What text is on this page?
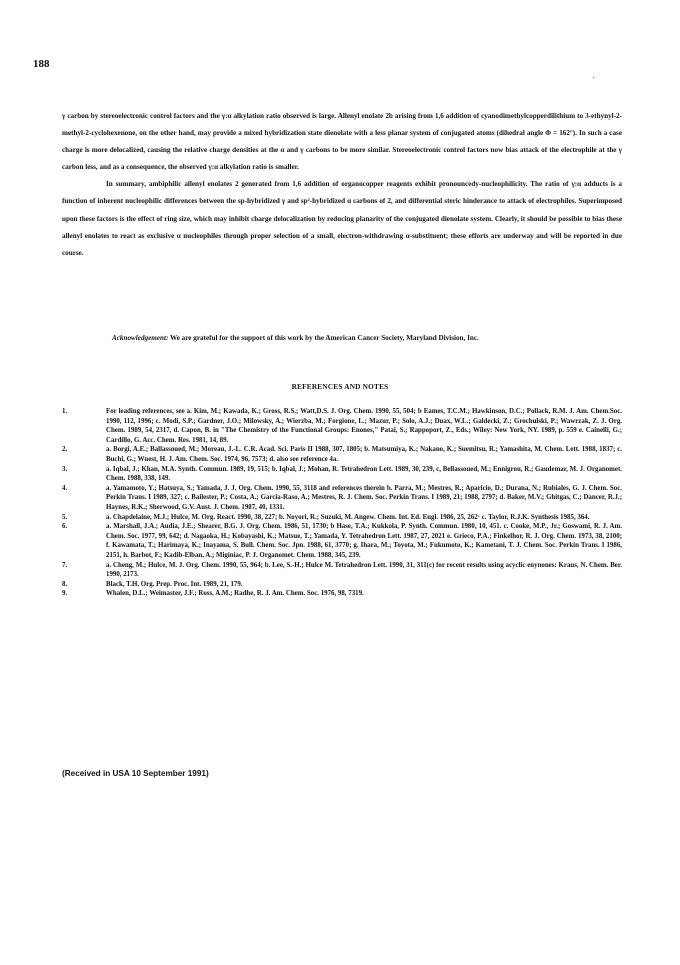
188
·

γ carbon by stereoelectronic control factors and the γ:α alkylation ratio observed is large. Allenyl enolate 2b arising from 1,6 addition of cyanodimethylcopperdilithium to 3-ethynyl-2-methyl-2-cyclohexenone, on the other hand, may provide a mixed hybridization state dienolate with a less planar system of conjugated atoms (dihedral angle Φ = 162°). In such a case charge is more delocalized, causing the relative charge densities at the α and γ carbons to be more similar. Stereoelectronic control factors now bias attack of the electrophile at the γ carbon less, and as a consequence, the observed γ:α alkylation ratio is smaller.

In summary, ambiphilic allenyl enolates 2 generated from 1,6 addition of organocopper reagents exhibit pronouncedy-nucleophilicity. The ratio of γ:α adducts is a function of inherent nucleophilic differences between the sp-hybridized γ and sp²-hybridized α carbons of 2, and differential steric hinderance to attack of electrophiles. Superimposed upon these factors is the effect of ring size, which may inhibit charge delocalization by reducing planarity of the conjugated dienolate system. Clearly, it should be possible to bias these allenyl enolates to react as exclusive α nucleophiles through proper selection of a small, electron-withdrawing α-substituent; these efforts are underway and will be reported in due course.

Acknowledgement: We are grateful for the support of this work by the American Cancer Society, Maryland Division, Inc.

REFERENCES AND NOTES
1.	For leading references, see a. Kim, M.; Kawada, K.; Gross, R.S.; Watt,D.S. J. Org. Chem. 1990, 55, 504; b Eames, T.C.M.; Hawkinson, D.C.; Pollack, R.M. J. Am. Chem.Soc. 1990, 112, 1996; c. Modi, S.P.; Gardner, J.O.; Milowsky, A.; Wierzba, M.; Forgione, L.; Mazur, P.; Solo, A.J.; Duax, W.L.; Galdecki, Z.; Grochulski, P.; Wawrzak, Z. J. Org. Chem. 1989, 54, 2317, d. Capon, B. in "The Chemistry of the Functional Groups: Enones," Patai, S.; Rappoport, Z., Eds.; Wiley: New York, NY. 1989, p. 559 e. Cainelli, G.; Cardillo, G. Acc. Chem. Res. 1981, 14, 89.
2.	a. Borgi, A.E.; Ballassoued, M.; Moreau, J.-L. C.R. Acad. Sci. Paris II 1988, 307, 1805; b. Matsumiya, K.; Nakano, K.; Suemitsu, R.; Yamashita, M. Chem. Lett. 1988, 1837; c. Buchi, G.; Wuest, H. J. Am. Chem. Soc. 1974, 96, 7573; d. also see reference 4a.
3.	a. Iqbal, J.; Khan, M.A. Synth. Commun. 1989, 19, 515; b. Iqbal, J.; Mohan, R. Tetrahedron Lett. 1989, 30, 239, c, Bellassoued, M.; Ennigrou, R.; Gaudemar, M. J. Organomet. Chem. 1988, 338, 149.
4.	a. Yamamoto, Y.; Hatsuya, S.; Yamada, J. J. Org. Chem. 1990, 55, 3118 and references therein b. Parra, M.; Mestres, R.; Aparicio, D.; Durana, N.; Rubiales, G. J. Chem. Soc. Perkin Trans. I 1989, 327; c. Bailester, P.; Costa, A.; Garcia-Raso, A.; Mestres, R. J. Chem. Soc. Perkin Trans. I 1989, 21; 1988, 2797; d. Baker, M.V.; Ghitgas, C.; Dancer, R.J.; Haynes, R.K.; Sherwood, G.V. Aust. J. Chem. 1987, 40, 1331.
5.	a. Chapdelaine, M.J.; Hulce, M. Org. React. 1990, 38, 227; b. Noyori, R.; Suzuki, M. Angew. Chem. Int. Ed. Engl. 1986, 25, 262· c. Taylor, R.J.K. Synthesis 1985, 364.
6.	a. Marshall, J.A.; Audia, J.E.; Shearer, B.G. J. Org. Chem. 1986, 51, 1730; b Hase, T.A.; Kukkola, P. Synth. Commun. 1980, 10, 451. c. Cooke, M.P., Jr.; Goswami, R. J. Am. Chem. Soc. 1977, 99, 642; d. Nagaoka, H.; Kobayashi, K.; Matsue, T.; Yamada, Y. Tetrahedron Lett. 1987, 27, 2021 e. Grieco, P.A.; Finkelhor, R. J. Org. Chem. 1973, 38, 2100; f. Kawamata, T.; Harimaya, K.; Inayama, S. Bull. Chem. Soc. Jpn. 1988, 61, 3770; g. Ihara, M.; Toyota, M.; Fukumoto, K.; Kametani, T. J. Chem. Soc. Perkin Trans. I 1986, 2151, h. Barbot, F.; Kadib-Elban, A.; Miginiac, P. J. Organomet. Chem. 1988, 345, 239.
7.	a. Cheng, M.; Hulce, M. J. Org. Chem. 1990, 55, 964; b. Lee, S.-H.; Hulce M. Tetrahedron Lett. 1990, 31, 311(c) for recent results using acyclic enynones: Kraus, N. Chem. Ber. 1990, 2173.
8.	Black, T.H. Org. Prep. Proc. Int. 1989, 21, 179.
9.	Whalen, D.L.; Weimaster, J.F.; Ross, A.M.; Radhe, R. J. Am. Chem. Soc. 1976, 98, 7319.
(Received in USA 10 September 1991)
